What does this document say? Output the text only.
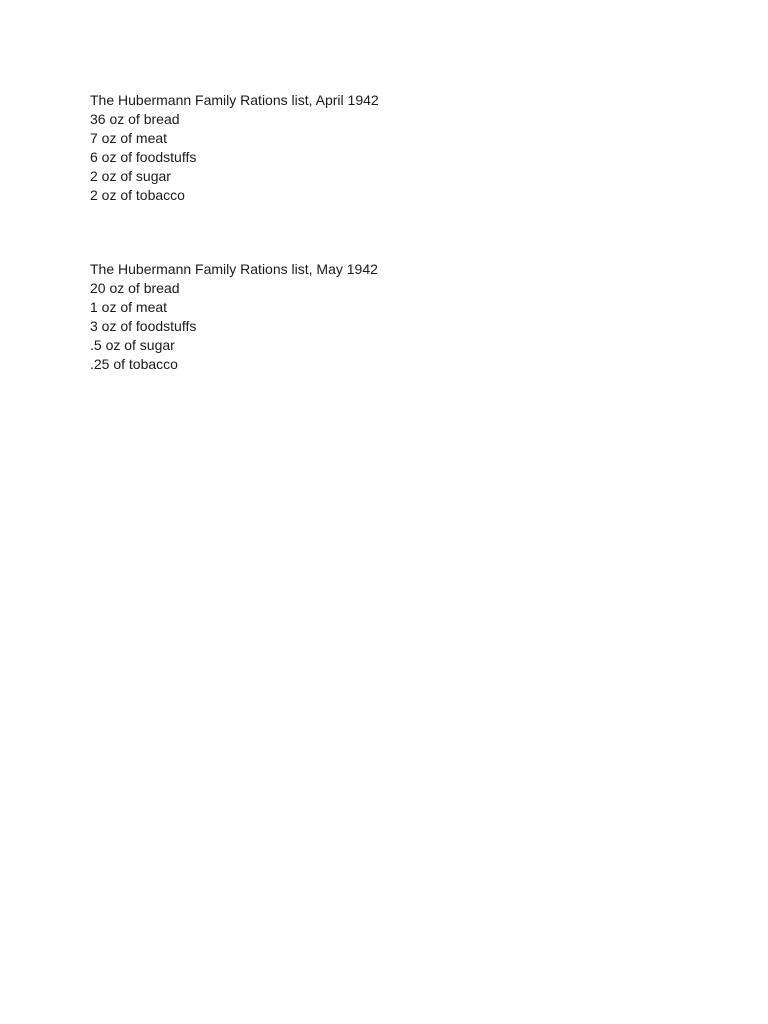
The Hubermann Family Rations list, April 1942
36 oz of bread
7 oz of meat
6 oz of foodstuffs
2 oz of sugar
2 oz of tobacco
The Hubermann Family Rations list, May 1942
20 oz of bread
1 oz of meat
3 oz of foodstuffs
.5 oz of sugar
.25 of tobacco
